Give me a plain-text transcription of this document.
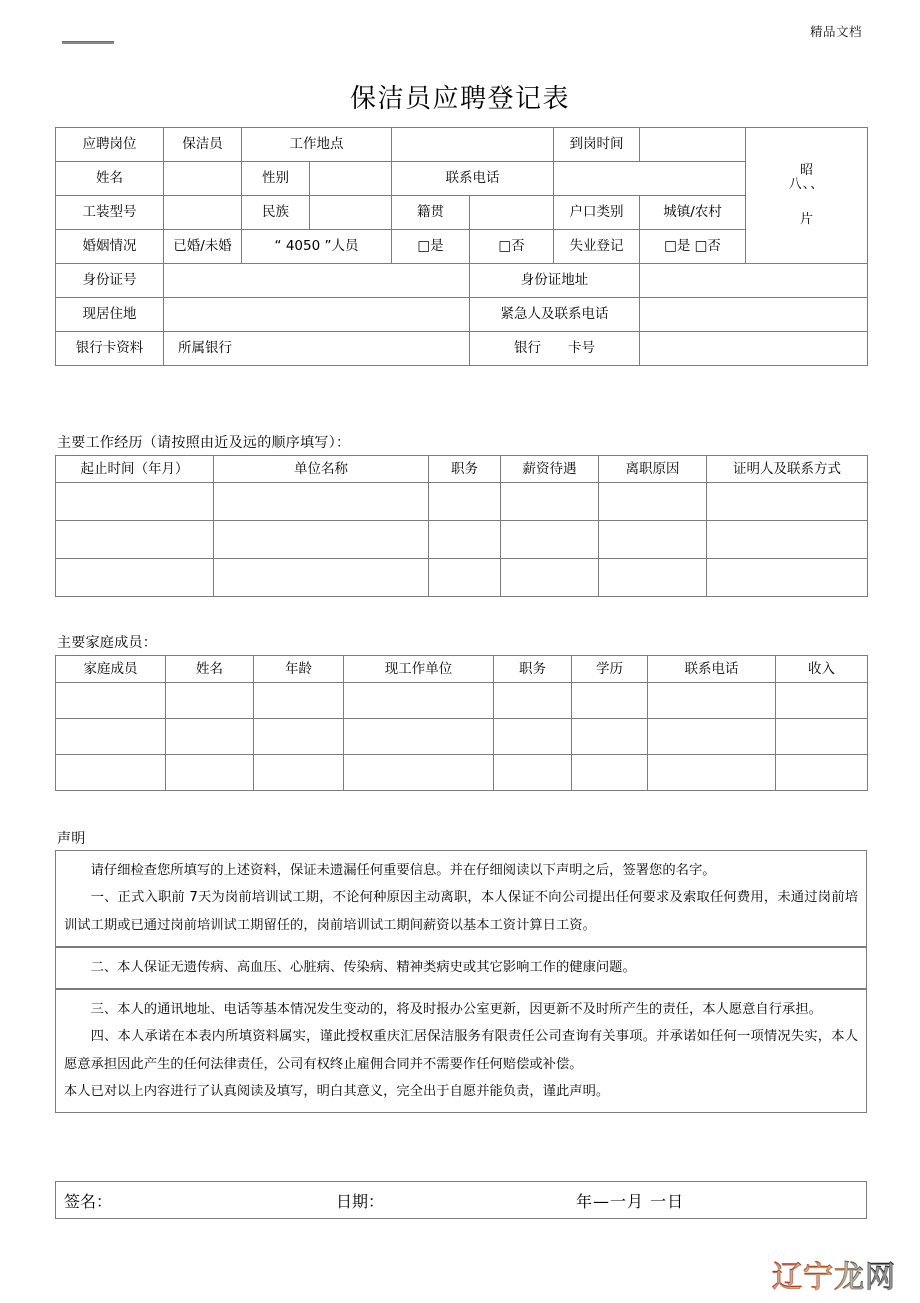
精品文档
保洁员应聘登记表
应聘岗位	保洁员	工作地点				到岗时间		昭
八、、
片

姓名		性别		联系电话				
工装型号		民族		籍贯		户口类别	城镇/农村	
婚姻情况	已婚/未婚	“ 4050 ”人员		□是	□否	失业登记	□是 □否	
身份证号					身份证地址			
现居住地					紧急人及联系电话			
银行卡资料	所属银行				银行　　卡号			
主要工作经历（请按照由近及远的顺序填写）：
起止时间（年月）	单位名称	职务	薪资待遇	离职原因	证明人及联系方式

主要家庭成员：
家庭成员	姓名	年龄	现工作单位	职务	学历	联系电话	收入

声明

请仔细检查您所填写的上述资料，保证未遗漏任何重要信息。并在仔细阅读以下声明之后，签署您的名字。

一、正式入职前 7天为岗前培训试工期，不论何种原因主动离职，本人保证不向公司提出任何要求及索取任何费用，未通过岗前培训试工期或已通过岗前培训试工期留任的，岗前培训试工期间薪资以基本工资计算日工资。

二、本人保证无遗传病、高血压、心脏病、传染病、精神类病史或其它影响工作的健康问题。

三、本人的通讯地址、电话等基本情况发生变动的，将及时报办公室更新，因更新不及时所产生的责任，本人愿意自行承担。

四、本人承诺在本表内所填资料属实，谨此授权重庆汇居保洁服务有限责任公司查询有关事项。并承诺如任何一项情况失实，本人愿意承担因此产生的任何法律责任，公司有权终止雇佣合同并不需要作任何赔偿或补偿。

本人已对以上内容进行了认真阅读及填写，明白其意义，完全出于自愿并能负责，谨此声明。

签名：	日期：	年—一月 一日
辽宁龙网
